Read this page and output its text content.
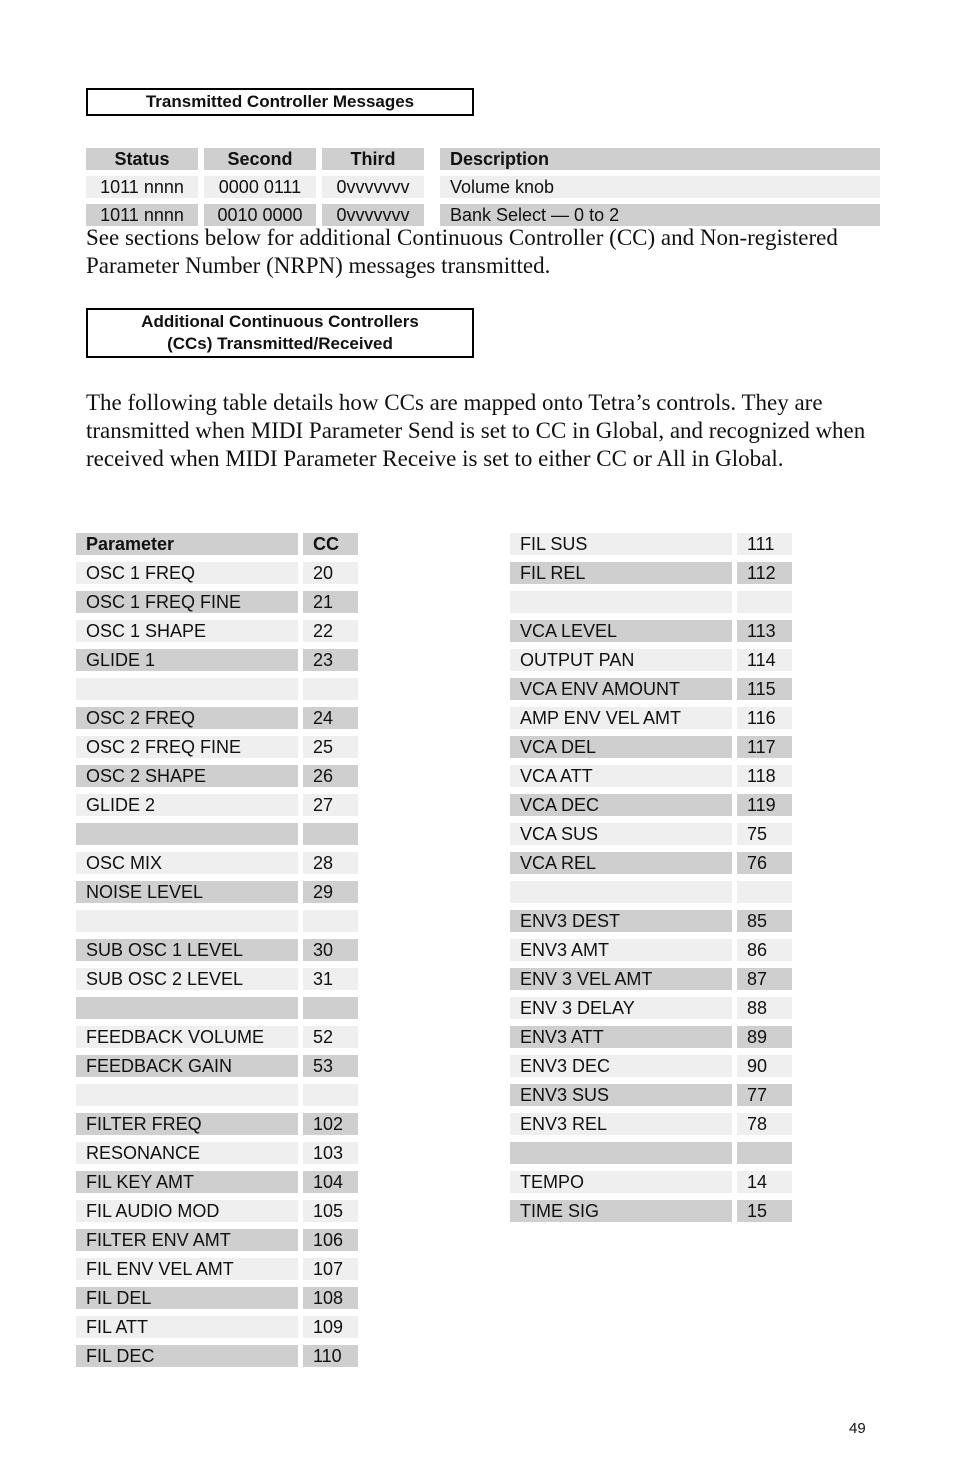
Transmitted Controller Messages
Status	Second	Third	Description

1011 nnnn	0000 0111	0vvvvvvv	Volume knob

1011 nnnn	0010 0000	0vvvvvvv	Bank Select — 0 to 2

See sections below for additional Continuous Controller (CC) and Non-registered Parameter Number (NRPN) messages transmitted.

Additional Continuous Controllers
(CCs) Transmitted/Received

The following table details how CCs are mapped onto Tetra’s controls. They are transmitted when MIDI Parameter Send is set to CC in Global, and recognized when received when MIDI Parameter Receive is set to either CC or All in Global.

Parameter	CC

OSC 1 FREQ	20

OSC 1 FREQ FINE	21

OSC 1 SHAPE	22

GLIDE 1	23

OSC 2 FREQ	24

OSC 2 FREQ FINE	25

OSC 2 SHAPE	26

GLIDE 2	27

OSC MIX	28

NOISE LEVEL	29

SUB OSC 1 LEVEL	30

SUB OSC 2 LEVEL	31

FEEDBACK VOLUME	52

FEEDBACK GAIN	53

FILTER FREQ	102

RESONANCE	103

FIL KEY AMT	104

FIL AUDIO MOD	105

FILTER ENV AMT	106

FIL ENV VEL AMT	107

FIL DEL	108

FIL ATT	109

FIL DEC	110
FIL SUS	111

FIL REL	112

VCA LEVEL	113

OUTPUT PAN	114

VCA ENV AMOUNT	115

AMP ENV VEL AMT	116

VCA DEL	117

VCA ATT	118

VCA DEC	119

VCA SUS	75

VCA REL	76

ENV3 DEST	85

ENV3 AMT	86

ENV 3 VEL AMT	87

ENV 3 DELAY	88

ENV3 ATT	89

ENV3 DEC	90

ENV3 SUS	77

ENV3 REL	78

TEMPO	14

TIME SIG	15
49
